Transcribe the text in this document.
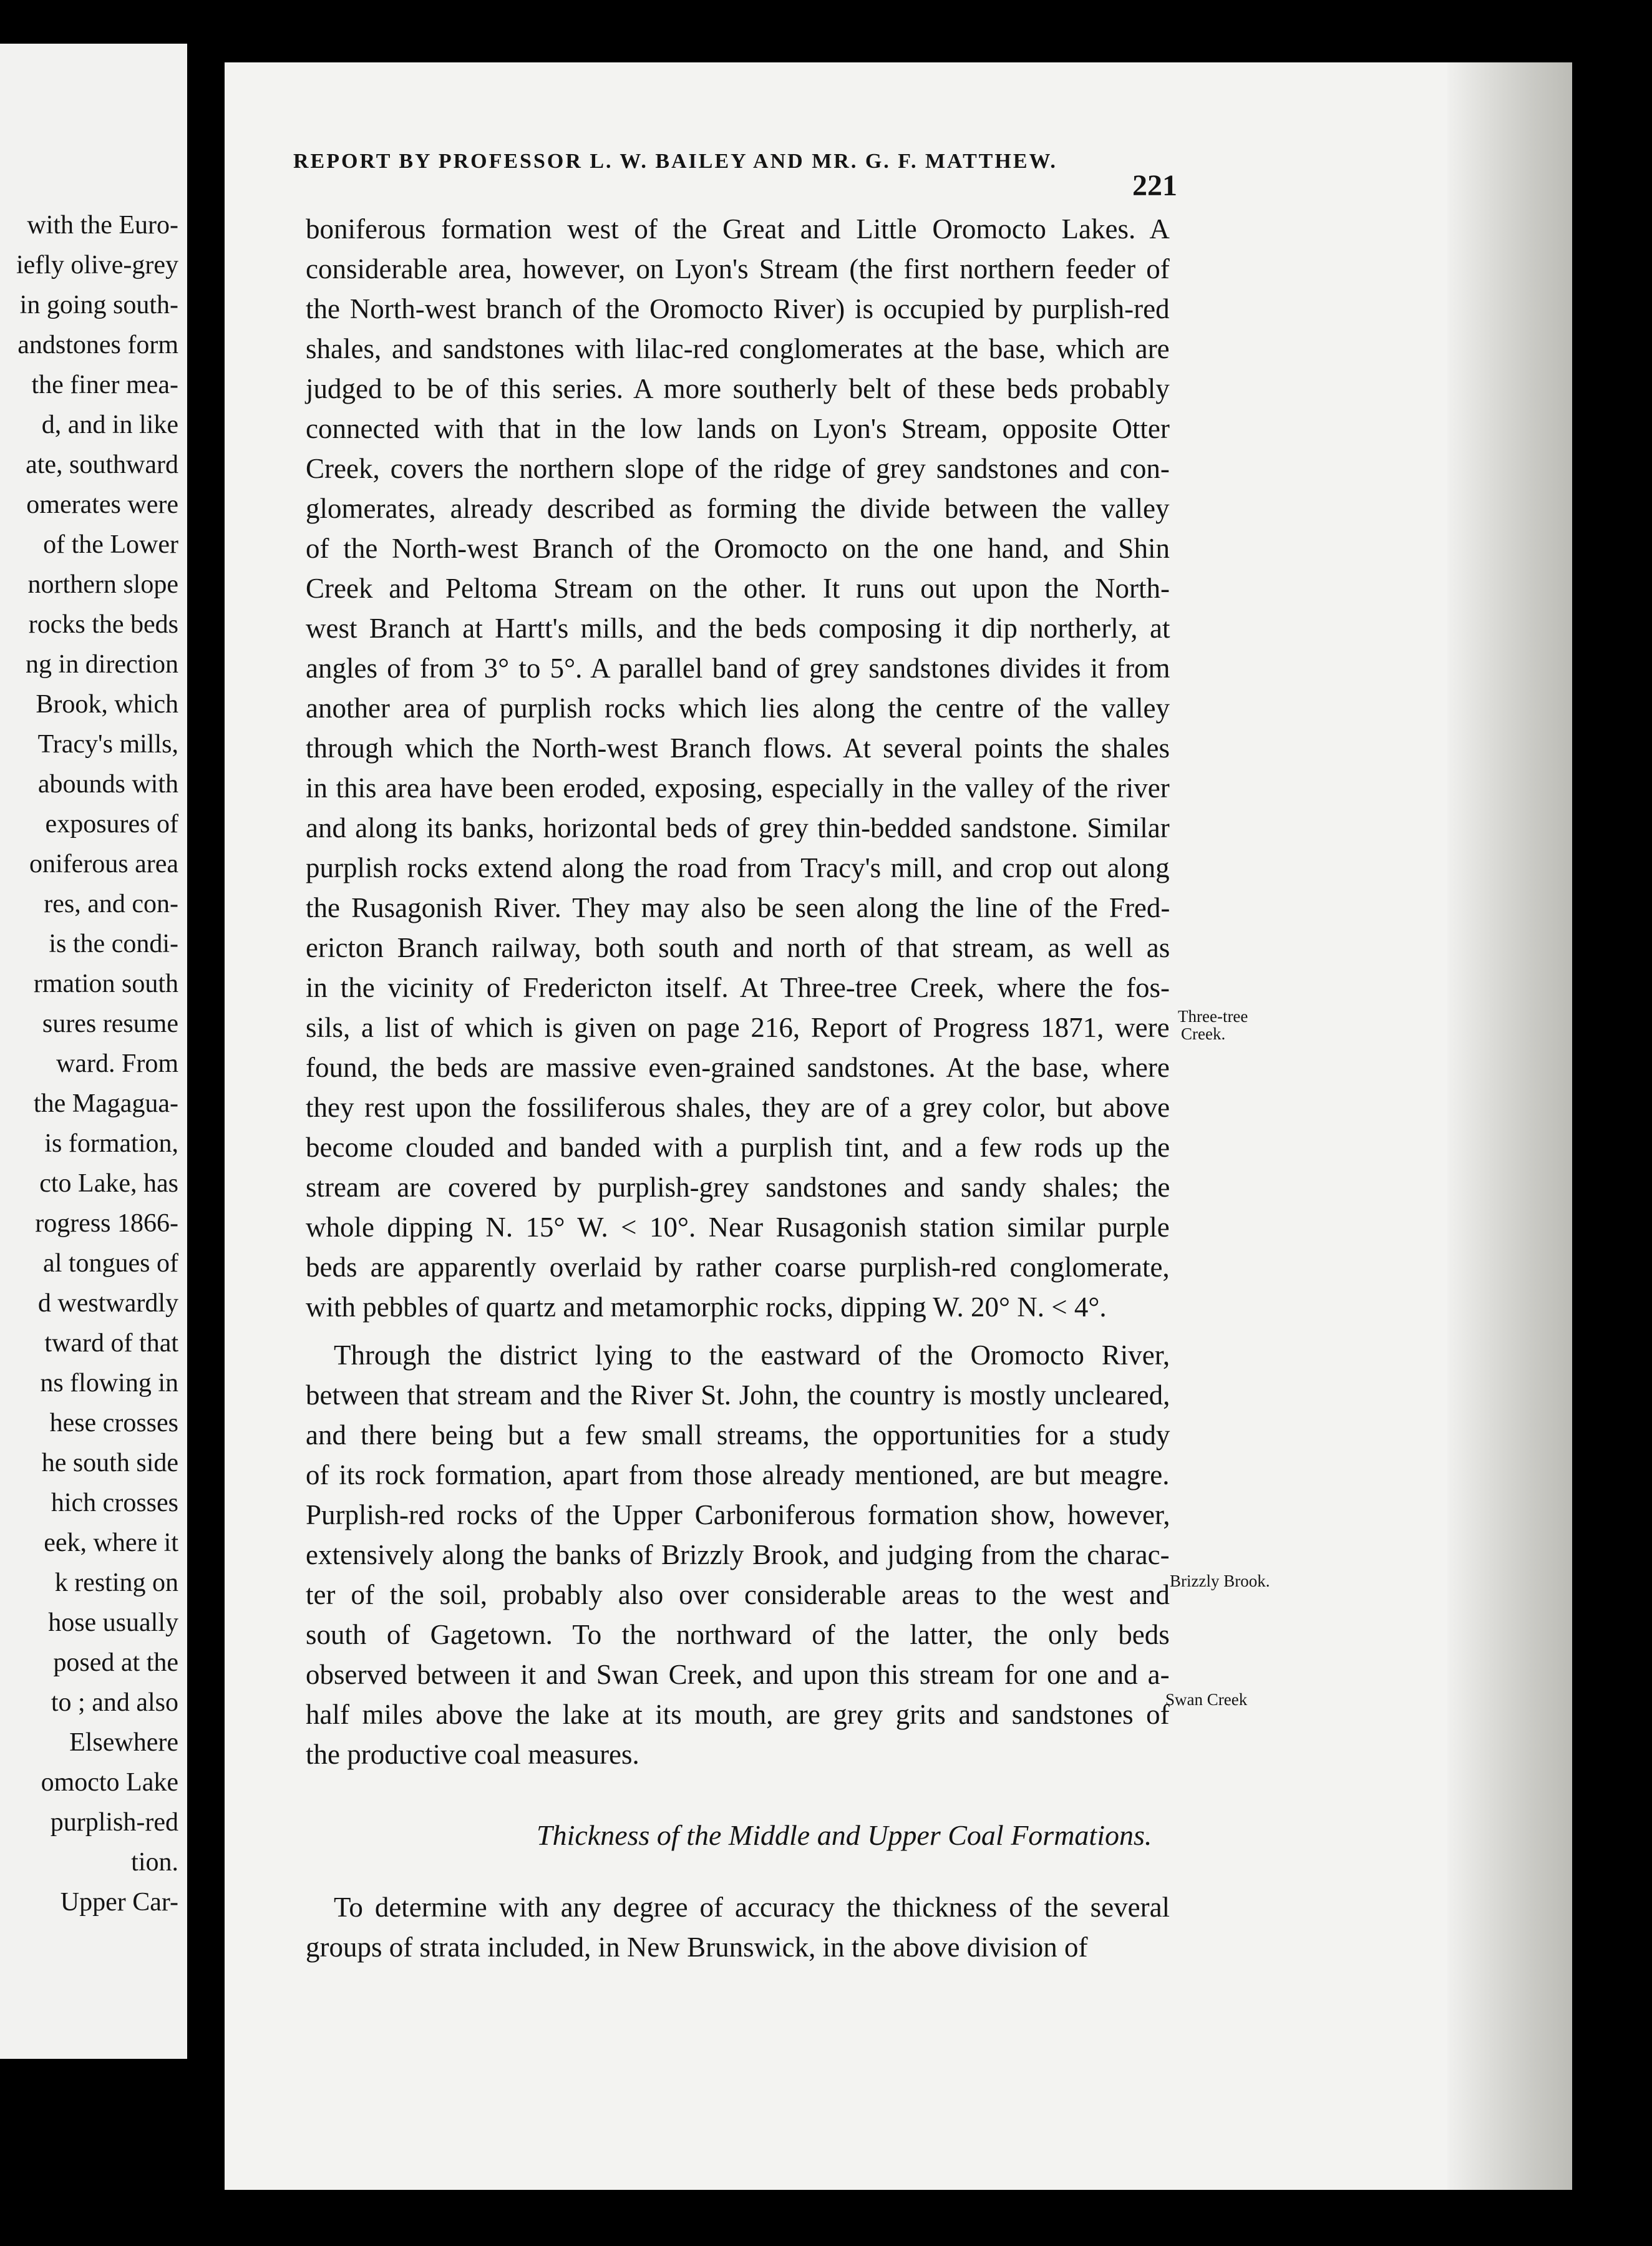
with the Euro-
iefly olive-grey
in going south-
andstones form
the finer mea-
d, and in like
ate, southward
omerates were
of the Lower
northern slope
rocks the beds
ng in direction
Brook, which
Tracy's mills,
abounds with
exposures of
oniferous area
res, and con-
is the condi-
rmation south
sures resume
ward. From
the Magagua-
is formation,
cto Lake, has
rogress 1866-
al tongues of
d westwardly
tward of that
ns flowing in
hese crosses
he south side
hich crosses
eek, where it
k resting on
hose usually
posed at the
to ; and also
Elsewhere
omocto Lake
purplish-red
tion.
Upper Car-
REPORT BY PROFESSOR L. W. BAILEY AND MR. G. F. MATTHEW.
221
boniferous formation west of the Great and Little Oromocto Lakes. A
considerable area, however, on Lyon's Stream (the first northern feeder of
the North-west branch of the Oromocto River) is occupied by purplish-red
shales, and sandstones with lilac-red conglomerates at the base, which are
judged to be of this series. A more southerly belt of these beds probably
connected with that in the low lands on Lyon's Stream, opposite Otter
Creek, covers the northern slope of the ridge of grey sandstones and con-
glomerates, already described as forming the divide between the valley
of the North-west Branch of the Oromocto on the one hand, and Shin
Creek and Peltoma Stream on the other. It runs out upon the North-
west Branch at Hartt's mills, and the beds composing it dip northerly, at
angles of from 3° to 5°. A parallel band of grey sandstones divides it from
another area of purplish rocks which lies along the centre of the valley
through which the North-west Branch flows. At several points the shales
in this area have been eroded, exposing, especially in the valley of the river
and along its banks, horizontal beds of grey thin-bedded sandstone. Similar
purplish rocks extend along the road from Tracy's mill, and crop out along
the Rusagonish River. They may also be seen along the line of the Fred-
ericton Branch railway, both south and north of that stream, as well as
in the vicinity of Fredericton itself. At Three-tree Creek, where the fos-
sils, a list of which is given on page 216, Report of Progress 1871, were
found, the beds are massive even-grained sandstones. At the base, where
they rest upon the fossiliferous shales, they are of a grey color, but above
become clouded and banded with a purplish tint, and a few rods up the
stream are covered by purplish-grey sandstones and sandy shales; the
whole dipping N. 15° W. < 10°. Near Rusagonish station similar purple
beds are apparently overlaid by rather coarse purplish-red conglomerate,
with pebbles of quartz and metamorphic rocks, dipping W. 20° N. < 4°.
Through the district lying to the eastward of the Oromocto River,
between that stream and the River St. John, the country is mostly uncleared,
and there being but a few small streams, the opportunities for a study
of its rock formation, apart from those already mentioned, are but meagre.
Purplish-red rocks of the Upper Carboniferous formation show, however,
extensively along the banks of Brizzly Brook, and judging from the charac-
ter of the soil, probably also over considerable areas to the west and
south of Gagetown. To the northward of the latter, the only beds
observed between it and Swan Creek, and upon this stream for one and a-
half miles above the lake at its mouth, are grey grits and sandstones of
the productive coal measures.
To determine with any degree of accuracy the thickness of the several
groups of strata included, in New Brunswick, in the above division of
Thickness of the Middle and Upper Coal Formations.
Three-tree
Creek.
Brizzly Brook.
Swan Creek
